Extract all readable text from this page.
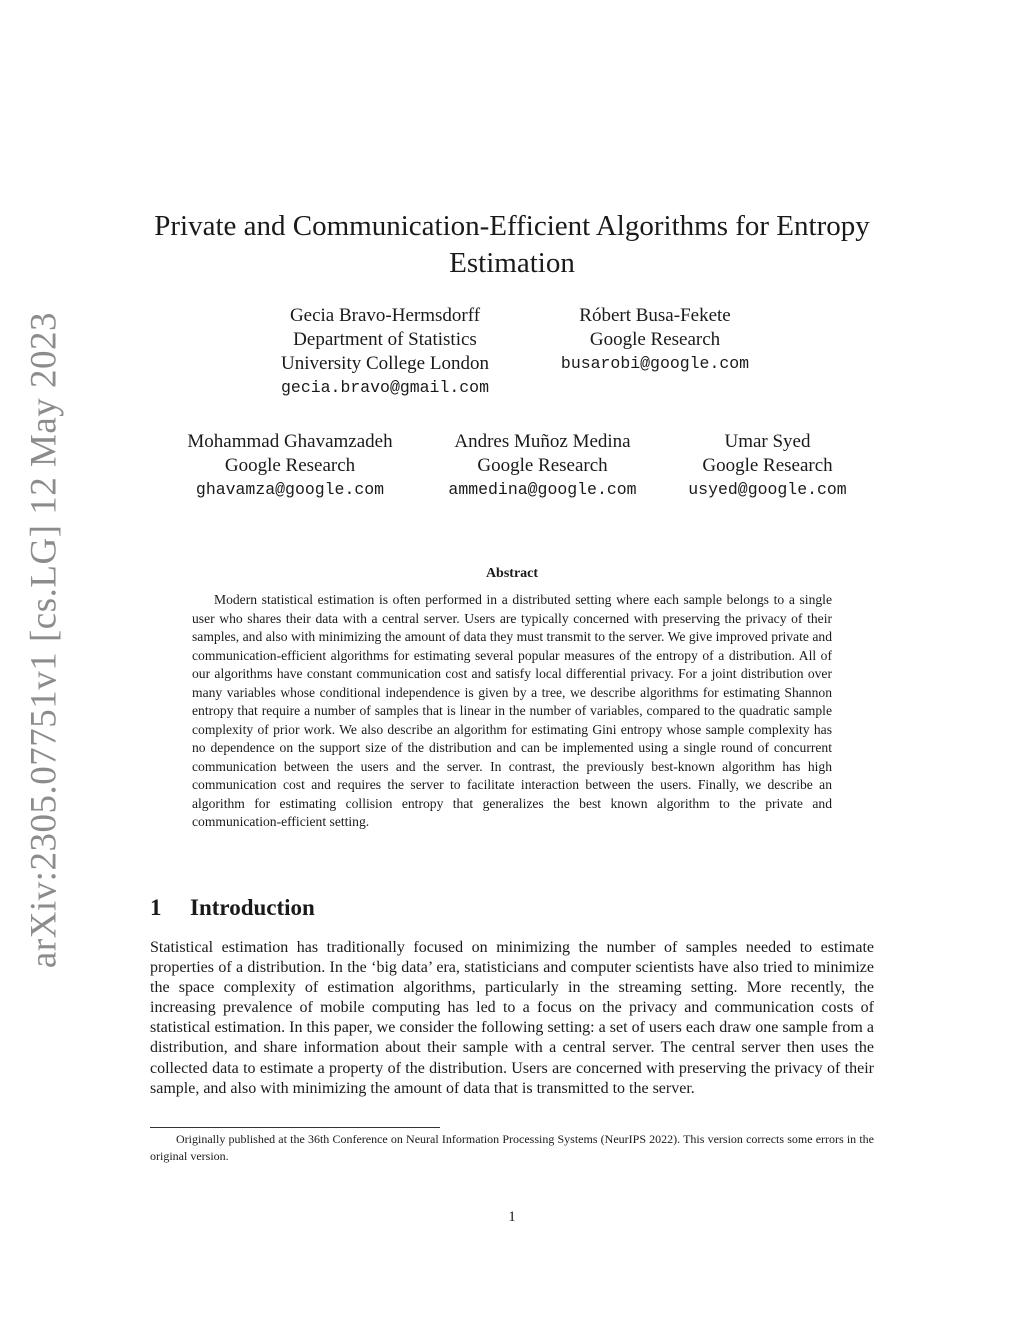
arXiv:2305.07751v1 [cs.LG] 12 May 2023
Private and Communication-Efficient Algorithms for Entropy Estimation
Gecia Bravo-Hermsdorff
Department of Statistics
University College London
gecia.bravo@gmail.com
Róbert Busa-Fekete
Google Research
busarobi@google.com
Mohammad Ghavamzadeh
Google Research
ghavamza@google.com
Andres Muñoz Medina
Google Research
ammedina@google.com
Umar Syed
Google Research
usyed@google.com
Abstract

Modern statistical estimation is often performed in a distributed setting where each sample belongs to a single user who shares their data with a central server. Users are typically concerned with preserving the privacy of their samples, and also with minimizing the amount of data they must transmit to the server. We give improved private and communication-efficient algorithms for estimating several popular measures of the entropy of a distribution. All of our algorithms have constant communication cost and satisfy local differential privacy. For a joint distribution over many variables whose conditional independence is given by a tree, we describe algorithms for estimating Shannon entropy that require a number of samples that is linear in the number of variables, compared to the quadratic sample complexity of prior work. We also describe an algorithm for estimating Gini entropy whose sample complexity has no dependence on the support size of the distribution and can be implemented using a single round of concurrent communication between the users and the server. In contrast, the previously best-known algorithm has high communication cost and requires the server to facilitate interaction between the users. Finally, we describe an algorithm for estimating collision entropy that generalizes the best known algorithm to the private and communication-efficient setting.

1 Introduction

Statistical estimation has traditionally focused on minimizing the number of samples needed to estimate properties of a distribution. In the ‘big data’ era, statisticians and computer scientists have also tried to minimize the space complexity of estimation algorithms, particularly in the streaming setting. More recently, the increasing prevalence of mobile computing has led to a focus on the privacy and communication costs of statistical estimation. In this paper, we consider the following setting: a set of users each draw one sample from a distribution, and share information about their sample with a central server. The central server then uses the collected data to estimate a property of the distribution. Users are concerned with preserving the privacy of their sample, and also with minimizing the amount of data that is transmitted to the server.

Originally published at the 36th Conference on Neural Information Processing Systems (NeurIPS 2022). This version corrects some errors in the original version.

1
